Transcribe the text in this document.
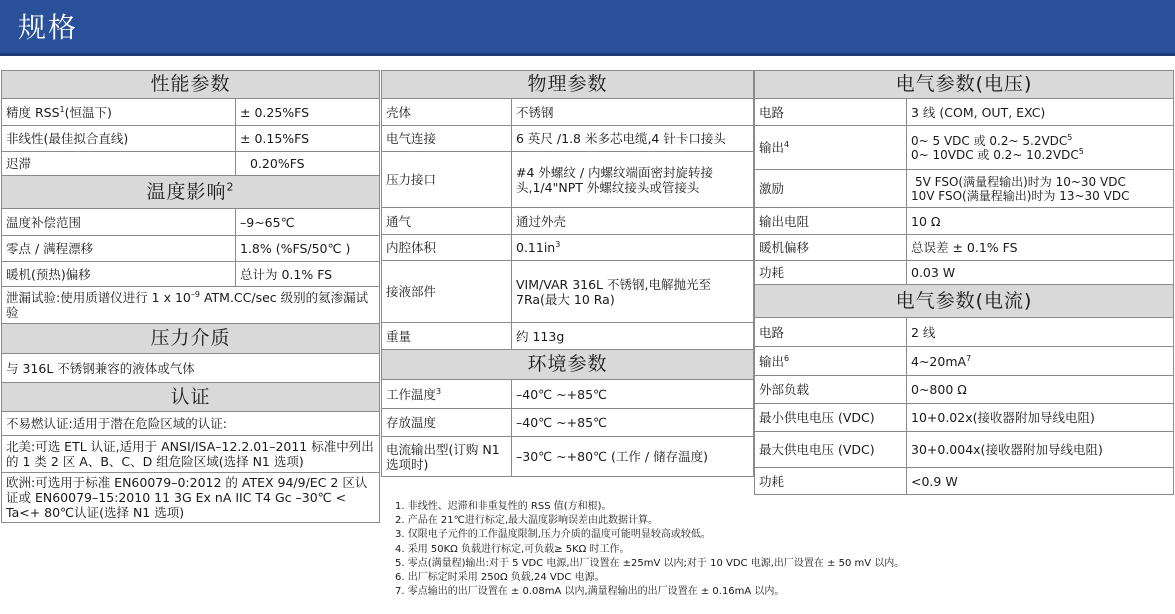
规格
性能参数	
精度 RSS$^1$(恒温下)	± 0.25%FS
非线性(最佳拟合直线)	± 0.15%FS
迟滞	0.20%FS
温度影响$^2$
温度补偿范围	–9~65℃
零点 / 满程漂移	1.8% (%FS/50℃ )
暖机(预热)偏移	总计为 0.1% FS
泄漏试验:使用质谱仪进行 1 x $10^{-9}$ ATM.CC/sec 级别的氦渗漏试验	
压力介质	
与 316L 不锈钢兼容的液体或气体	
认证	
不易燃认证:适用于潜在危险区域的认证:	
北美:可选 ETL 认证,适用于 ANSI/ISA–12.2.01–2011 标准中列出的 1 类 2 区 A、B、C、D 组危险区域(选择 N1 选项)	
欧洲:可选用于标准 EN60079–0:2012 的 ATEX 94/9/EC 2 区认证或 EN60079–15:2010 11 3G Ex nA IIC T4 Gc –30℃ < Ta<+ 80℃认证(选择 N1 选项)	
物理参数	
壳体	不锈钢
电气连接	6 英尺 /1.8 米多芯电缆,4 针卡口接头
压力接口	#4 外螺纹 / 内螺纹端面密封旋转接头,1/4"NPT 外螺纹接头或管接头
通气	通过外壳
内腔体积	$0.11in^3$
接液部件	VIM/VAR 316L 不锈钢,电解抛光至 7Ra(最大 10 Ra)
重量	约 113g
环境参数	
工作温度$^3$	–40℃ ~+85℃
存放温度	–40℃ ~+85℃
电流输出型(订购 N1 选项时)	–30℃ ~+80℃ (工作 / 储存温度)
电气参数(电压)	
电路	3 线 (COM, OUT, EXC)
输出$^4$	0~ 5 VDC 或 0.2~ 5.2VDC$^5$
0~ 10VDC 或 0.2~ 10.2VDC$^5$

激励	5V FSO(满量程输出)时为 10~30 VDC
10V FSO(满量程输出)时为 13~30 VDC

输出电阻	10 Ω
暖机偏移	总误差 ± 0.1% FS
功耗	0.03 W
电气参数(电流)	
电路	2 线
输出$^6$	$4\sim 20mA^7$
外部负载	0~800 Ω
最小供电电压 (VDC)	10+0.02x(接收器附加导线电阻)
最大供电电压 (VDC)	30+0.004x(接收器附加导线电阻)
功耗	<0.9 W
1. 非线性、迟滞和非重复性的 RSS 值(方和根)。
2. 产品在 21℃进行标定,最大温度影响误差由此数据计算。
3. 仅限电子元件的工作温度限制,压力介质的温度可能明显较高或较低。
4. 采用 50KΩ 负载进行标定,可负载≥ 5KΩ 时工作。
5. 零点(满量程)输出:对于 5 VDC 电源,出厂设置在 ±25mV 以内;对于 10 VDC 电源,出厂设置在 ± 50 mV 以内。
6. 出厂标定时采用 250Ω 负载,24 VDC 电源。
7. 零点输出的出厂设置在 ± 0.08mA 以内,满量程输出的出厂设置在 ± 0.16mA 以内。
